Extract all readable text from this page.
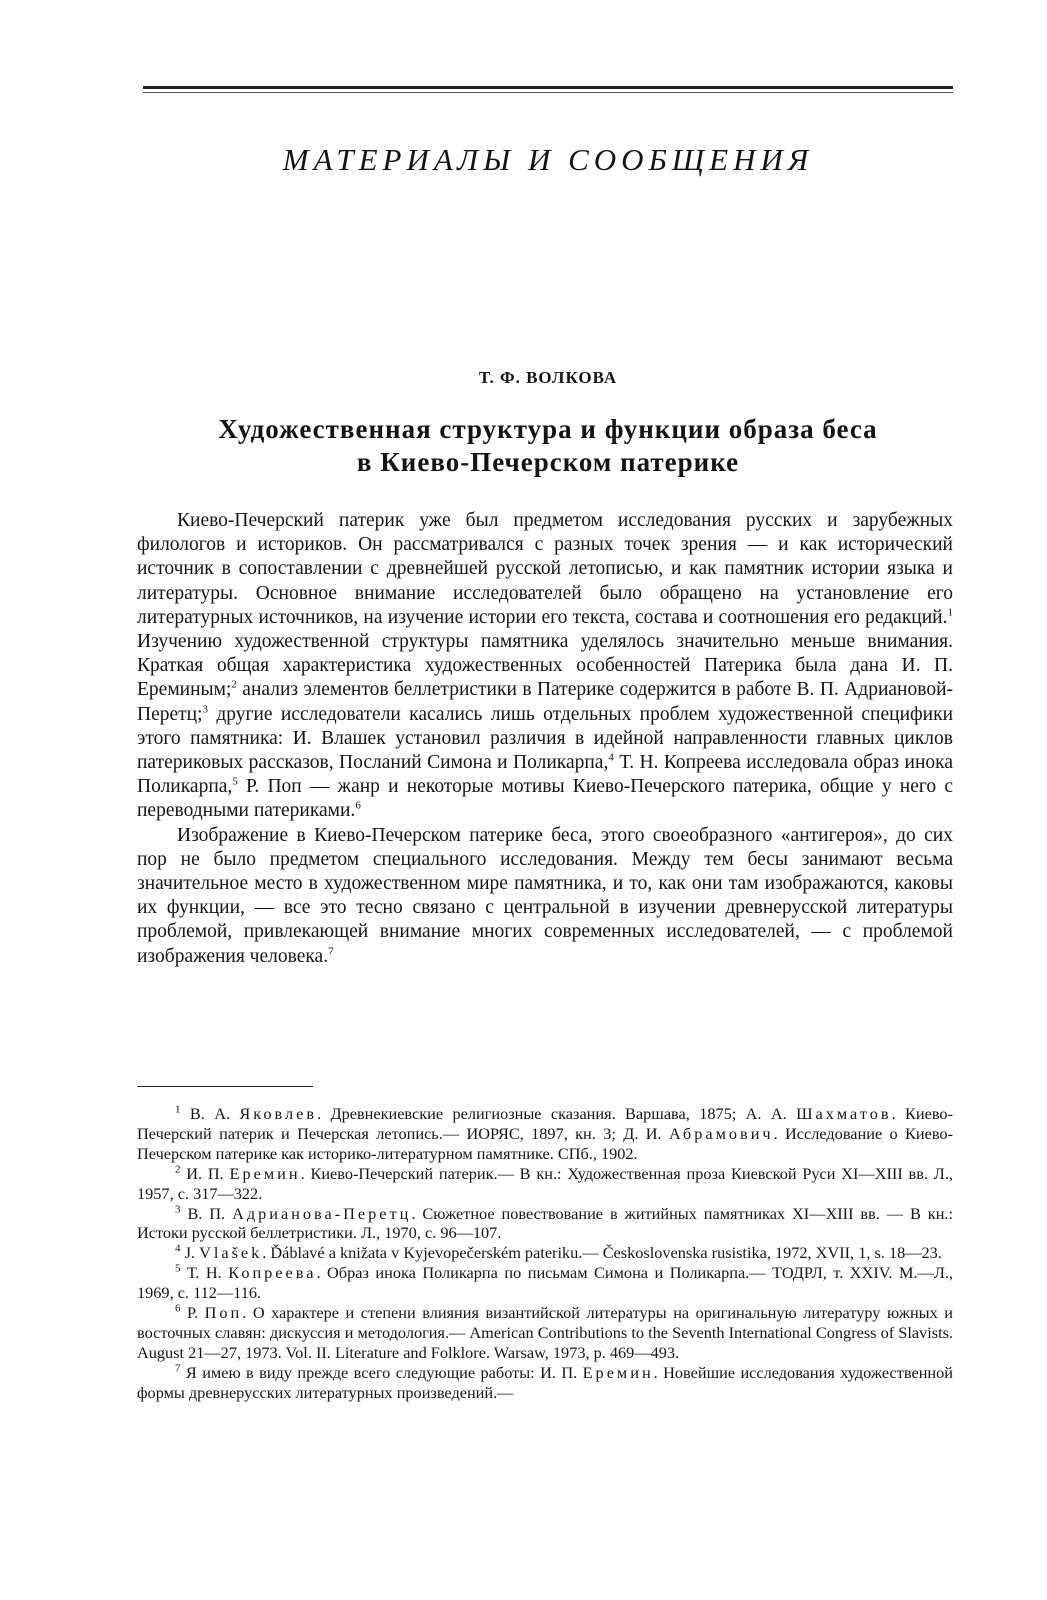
МАТЕРИАЛЫ И СООБЩЕНИЯ
Т. Ф. ВОЛКОВА
Художественная структура и функции образа беса
в Киево-Печерском патерике

Киево-Печерский патерик уже был предметом исследования русских и зарубежных филологов и историков. Он рассматривался с разных точек зрения — и как исторический источник в сопоставлении с древнейшей русской летописью, и как памятник истории языка и литературы. Основное внимание исследователей было обращено на установление его литературных источников, на изучение истории его текста, состава и соотношения его редакций.$^1$ Изучению художественной структуры памятника уделялось значительно меньше внимания. Краткая общая характеристика художественных особенностей Патерика была дана И. П. Ереминым;$^2$ анализ элементов беллетристики в Патерике содержится в работе В. П. Адриановой-Перетц;$^3$ другие исследователи касались лишь отдельных проблем художественной специфики этого памятника: И. Влашек установил различия в идейной направленности главных циклов патериковых рассказов, Посланий Симона и Поликарпа,$^4$ Т. Н. Копреева исследовала образ инока Поликарпа,$^5$ Р. Поп — жанр и некоторые мотивы Киево-Печерского патерика, общие у него с переводными патериками.$^6$

Изображение в Киево-Печерском патерике беса, этого своеобразного «антигероя», до сих пор не было предметом специального исследования. Между тем бесы занимают весьма значительное место в художественном мире памятника, и то, как они там изображаются, каковы их функции, — все это тесно связано с центральной в изучении древнерусской литературы проблемой, привлекающей внимание многих современных исследователей, — с проблемой изображения человека.$^7$

$^1$ В. А. Яковлев. Древнекиевские религиозные сказания. Варшава, 1875; А. А. Шахматов. Киево-Печерский патерик и Печерская летопись.— ИОРЯС, 1897, кн. 3; Д. И. Абрамович. Исследование о Киево-Печерском патерике как историко-литературном памятнике. СПб., 1902.

$^2$ И. П. Еремин. Киево-Печерский патерик.— В кн.: Художественная проза Киевской Руси XI—XIII вв. Л., 1957, с. 317—322.

$^3$ В. П. Адрианова-Перетц. Сюжетное повествование в житийных памятниках XI—XIII вв. — В кн.: Истоки русской беллетристики. Л., 1970, с. 96—107.

$^4$ J. Vlašek. Ďáblavé a knižata v Kyjevopečerském pateriku.— Československa rusistika, 1972, XVII, 1, s. 18—23.

$^5$ Т. Н. Копреева. Образ инока Поликарпа по письмам Симона и Поликарпа.— ТОДРЛ, т. XXIV. М.—Л., 1969, с. 112—116.

$^6$ Р. Поп. О характере и степени влияния византийской литературы на оригинальную литературу южных и восточных славян: дискуссия и методология.— American Contributions to the Seventh International Congress of Slavists. August 21—27, 1973. Vol. II. Literature and Folklore. Warsaw, 1973, p. 469—493.

$^7$ Я имею в виду прежде всего следующие работы: И. П. Еремин. Новейшие исследования художественной формы древнерусских литературных произведений.—
